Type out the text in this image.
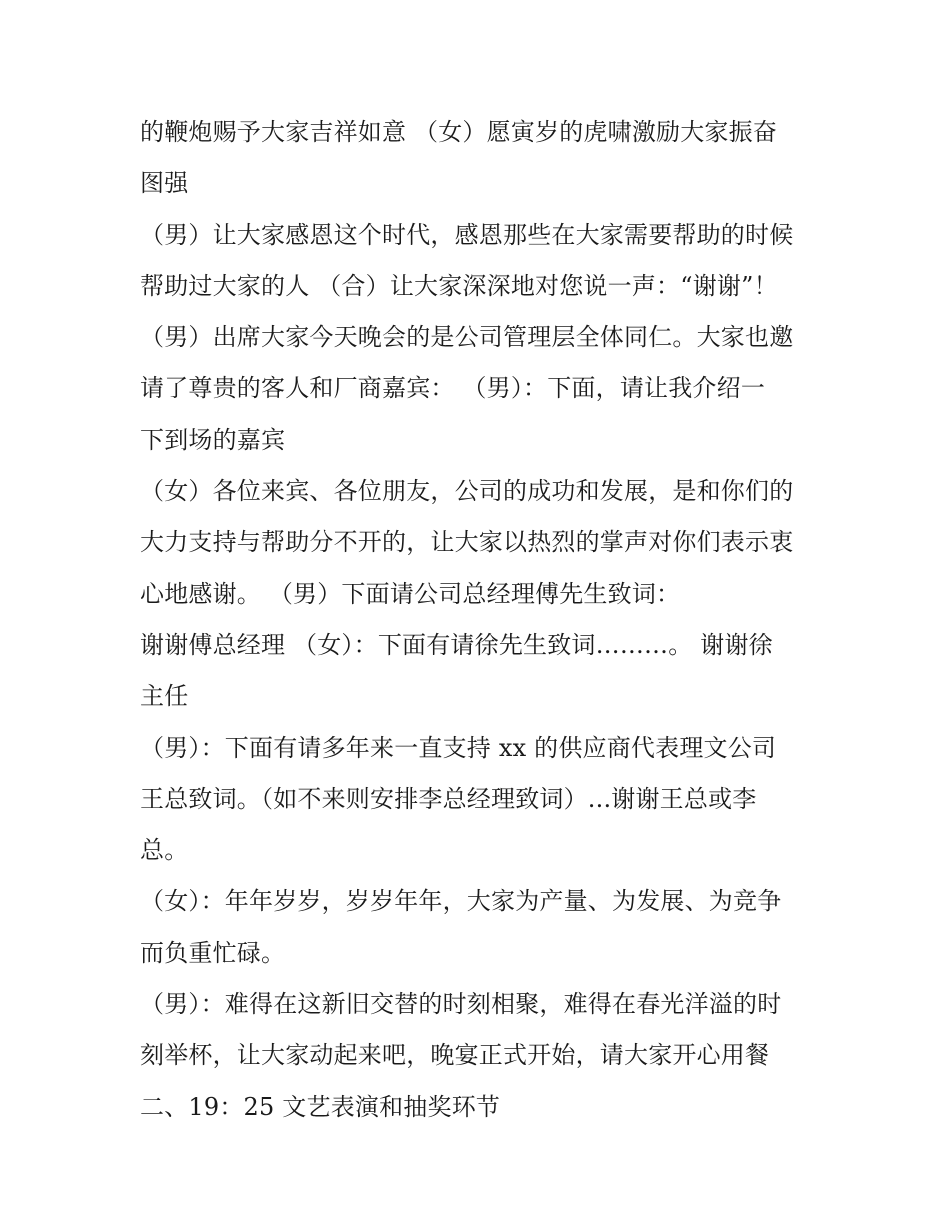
的鞭炮赐予大家吉祥如意 （女）愿寅岁的虎啸激励大家振奋
图强
（男）让大家感恩这个时代，感恩那些在大家需要帮助的时候
帮助过大家的人 （合）让大家深深地对您说一声：“谢谢”！
（男）出席大家今天晚会的是公司管理层全体同仁。大家也邀
请了尊贵的客人和厂商嘉宾： （男）：下面，请让我介绍一
下到场的嘉宾
（女）各位来宾、各位朋友，公司的成功和发展，是和你们的
大力支持与帮助分不开的，让大家以热烈的掌声对你们表示衷
心地感谢。 （男）下面请公司总经理傅先生致词：
谢谢傅总经理 （女）：下面有请徐先生致词………。 谢谢徐
主任
（男）：下面有请多年来一直支持 xx 的供应商代表理文公司
王总致词。（如不来则安排李总经理致词）...谢谢王总或李
总。
（女）：年年岁岁，岁岁年年，大家为产量、为发展、为竞争
而负重忙碌。
（男）：难得在这新旧交替的时刻相聚，难得在春光洋溢的时
刻举杯，让大家动起来吧，晚宴正式开始，请大家开心用餐
二、19：25 文艺表演和抽奖环节
